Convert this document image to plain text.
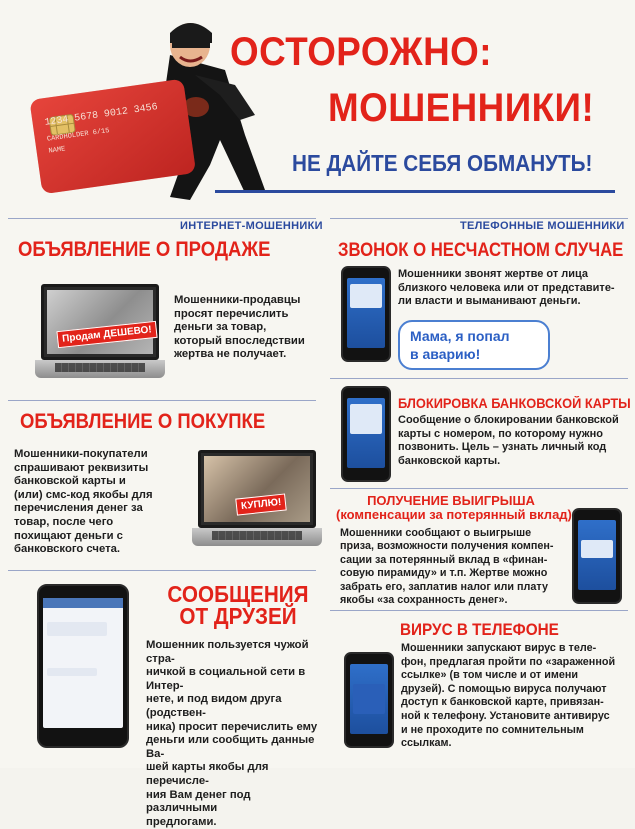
1234 5678 9012 3456
CARDHOLDER 6/15
NAME
ОСТОРОЖНО:
МОШЕННИКИ!
НЕ ДАЙТЕ СЕБЯ ОБМАНУТЬ!
ИНТЕРНЕТ-МОШЕННИКИ	ТЕЛЕФОННЫЕ МОШЕННИКИ
ОБЪЯВЛЕНИЕ О ПРОДАЖЕ
Продам ДЕШЕВО!
Мошенники-продавцы
просят перечислить
деньги за товар,
который впоследствии
жертва не получает.
ОБЪЯВЛЕНИЕ О ПОКУПКЕ
Мошенники-покупатели
спрашивают реквизиты
банковской карты и
(или) смс-код якобы для
перечисления денег за
товар, после чего
похищают деньги с
банковского счета.
КУПЛЮ!
СООБЩЕНИЯ
ОТ ДРУЗЕЙ
Мошенник пользуется чужой стра-
ничкой в социальной сети в Интер-
нете, и под видом друга (родствен-
ника) просит перечислить ему
деньги или сообщить данные Ва-
шей карты якобы для перечисле-
ния Вам денег под различными
предлогами.
ЗВОНОК О НЕСЧАСТНОМ СЛУЧАЕ
Мошенники звонят жертве от лица
близкого человека или от представите-
ли власти и выманивают деньги.
Мама, я попал
в аварию!
БЛОКИРОВКА БАНКОВСКОЙ КАРТЫ
Сообщение о блокировании банковской
карты с номером, по которому нужно
позвонить. Цель – узнать личный код
банковской карты.
ПОЛУЧЕНИЕ ВЫИГРЫША
(компенсации за потерянный вклад)
Мошенники сообщают о выигрыше
приза, возможности получения компен-
сации за потерянный вклад в «финан-
совую пирамиду» и т.п. Жертве можно
забрать его, заплатив налог или плату
якобы «за сохранность денег».
ВИРУС В ТЕЛЕФОНЕ
Мошенники запускают вирус в теле-
фон, предлагая пройти по «зараженной
ссылке» (в том числе и от имени
друзей). С помощью вируса получают
доступ к банковской карте, привязан-
ной к телефону. Установите антивирус
и не проходите по сомнительным
ссылкам.
